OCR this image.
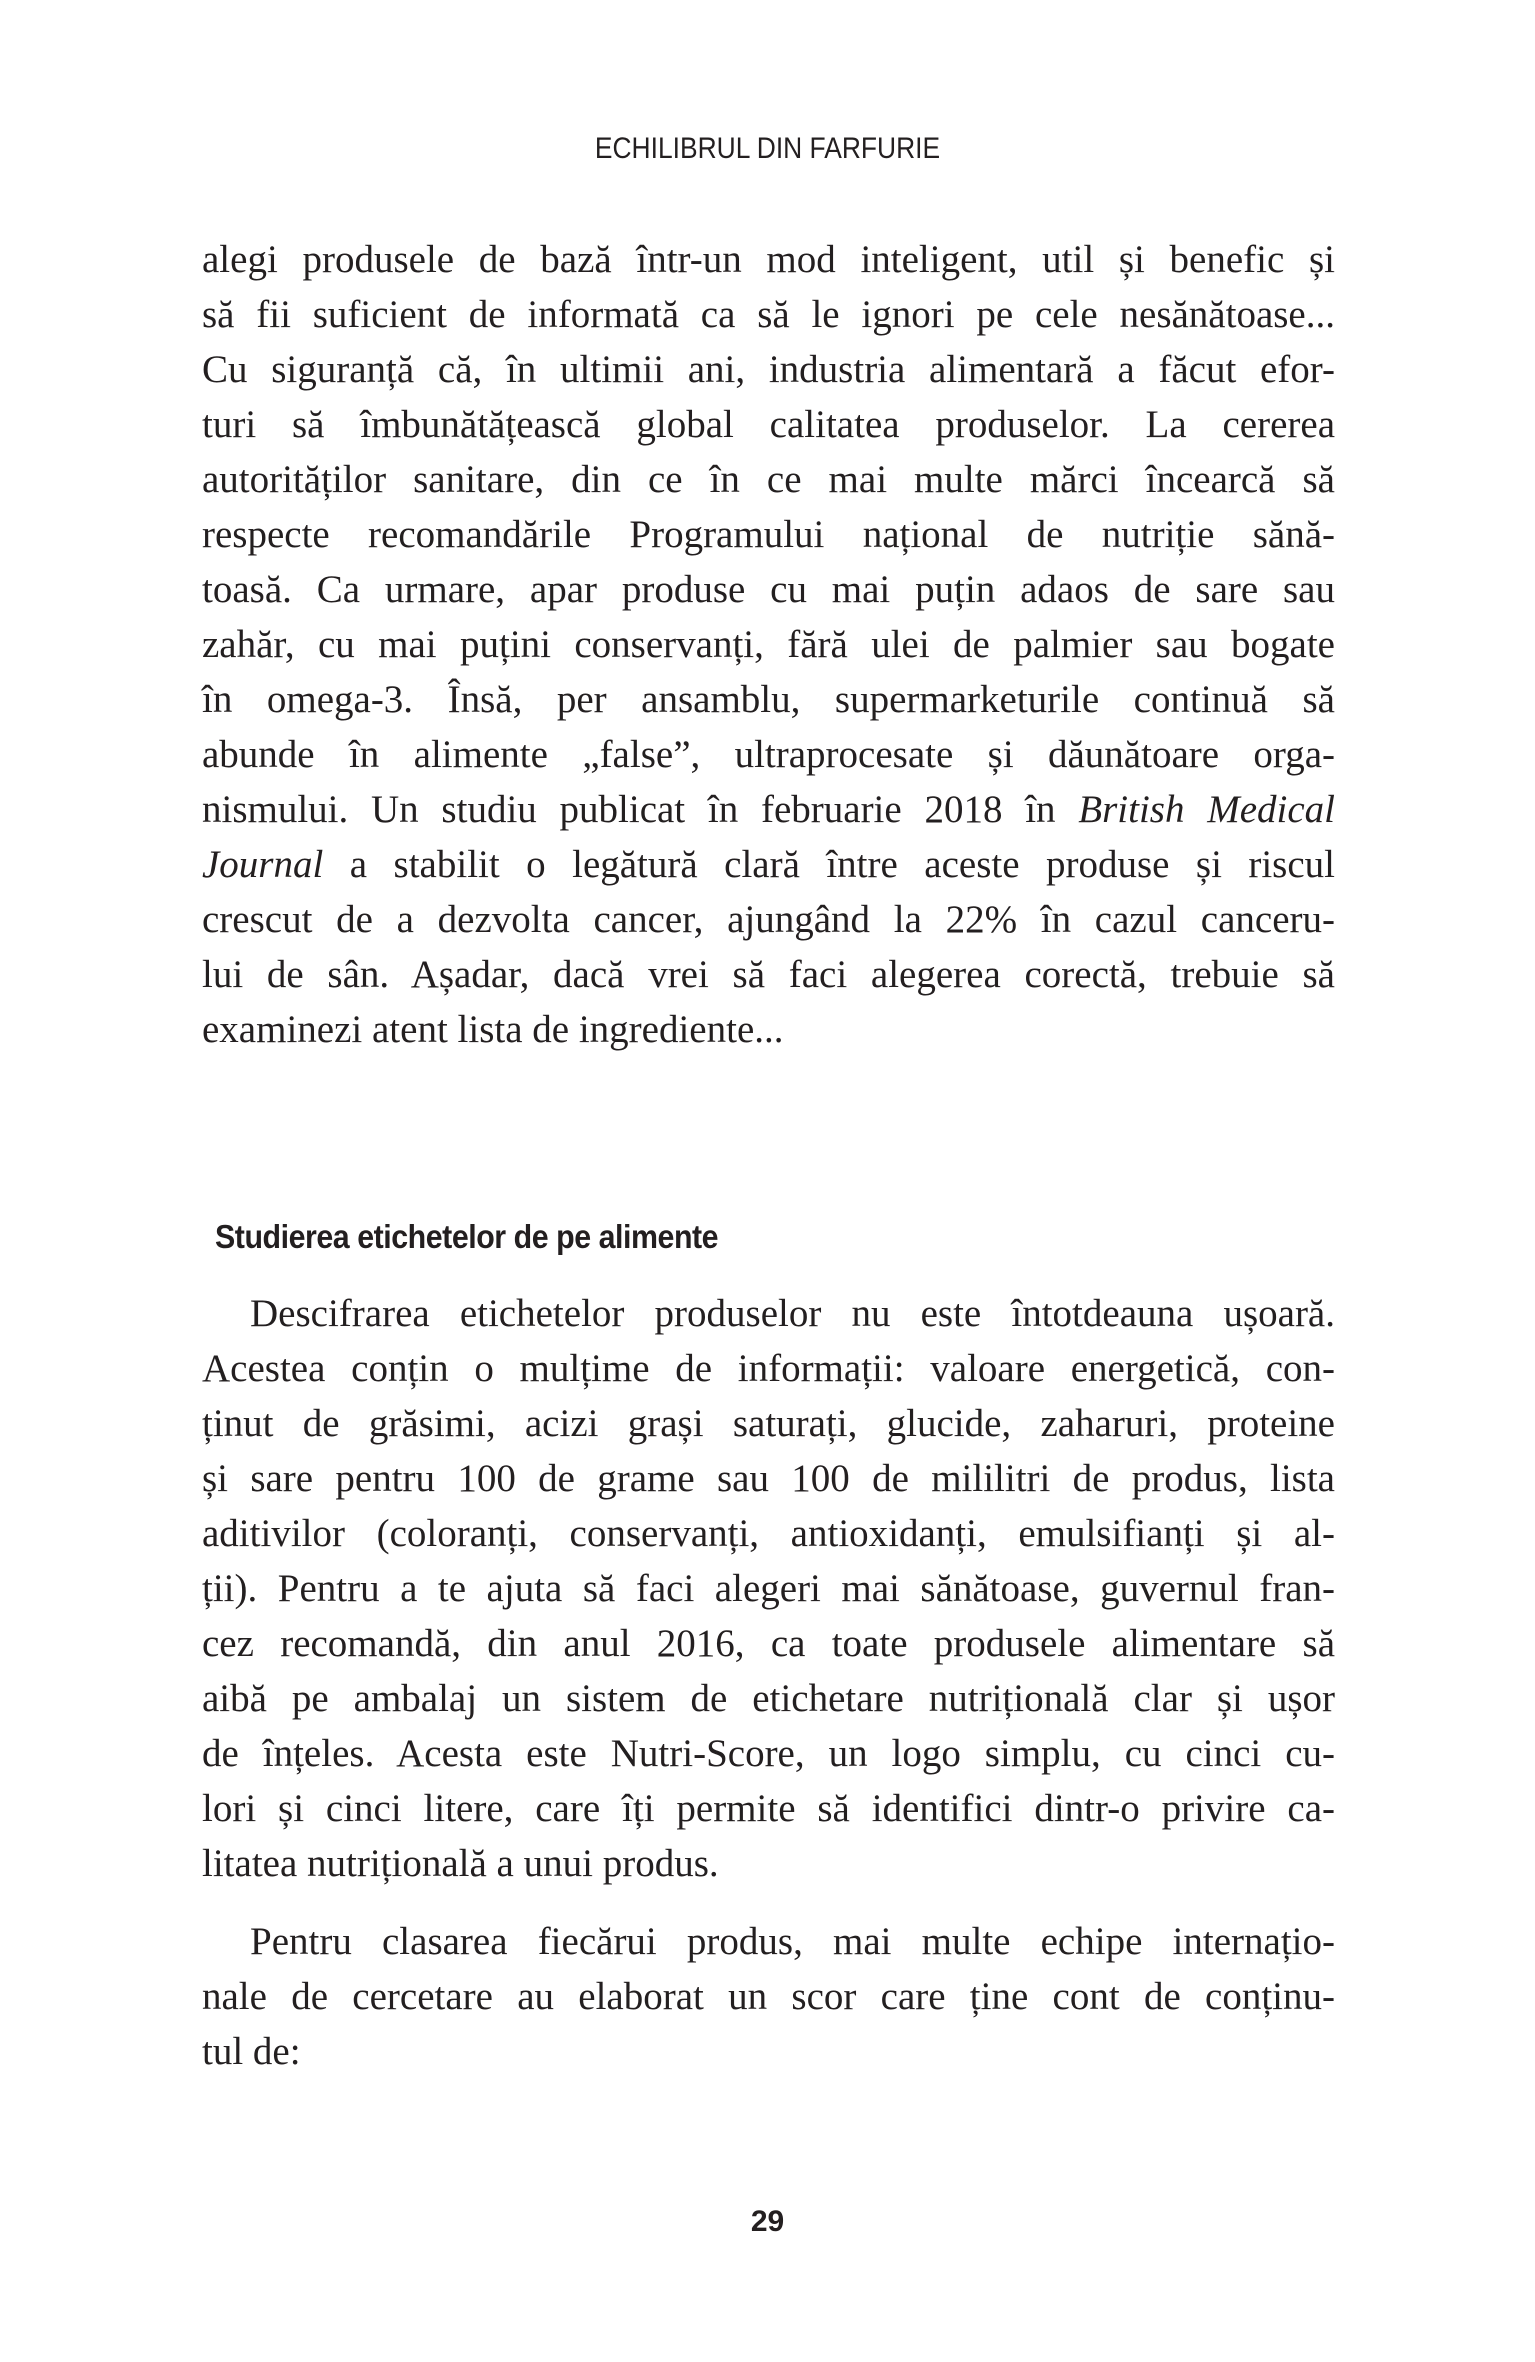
ECHILIBRUL DIN FARFURIE
alegi produsele de bază într-un mod inteligent, util și benefic și
să fii suficient de informată ca să le ignori pe cele nesănătoase...
Cu siguranță că, în ultimii ani, industria alimentară a făcut efor-
turi să îmbunătățească global calitatea produselor. La cererea
autorităților sanitare, din ce în ce mai multe mărci încearcă să
respecte recomandările Programului național de nutriție sănă-
toasă. Ca urmare, apar produse cu mai puțin adaos de sare sau
zahăr, cu mai puțini conservanți, fără ulei de palmier sau bogate
în omega-3. Însă, per ansamblu, supermarketurile continuă să
abunde în alimente „false”, ultraprocesate și dăunătoare orga-
nismului. Un studiu publicat în februarie 2018 în British Medical
Journal a stabilit o legătură clară între aceste produse și riscul
crescut de a dezvolta cancer, ajungând la 22% în cazul canceru-
lui de sân. Așadar, dacă vrei să faci alegerea corectă, trebuie să
examinezi atent lista de ingrediente...
Studierea etichetelor de pe alimente
Descifrarea etichetelor produselor nu este întotdeauna ușoară.
Acestea conțin o mulțime de informații: valoare energetică, con-
ținut de grăsimi, acizi grași saturați, glucide, zaharuri, proteine
și sare pentru 100 de grame sau 100 de mililitri de produs, lista
aditivilor (coloranți, conservanți, antioxidanți, emulsifianți și al-
ții). Pentru a te ajuta să faci alegeri mai sănătoase, guvernul fran-
cez recomandă, din anul 2016, ca toate produsele alimentare să
aibă pe ambalaj un sistem de etichetare nutrițională clar și ușor
de înțeles. Acesta este Nutri-Score, un logo simplu, cu cinci cu-
lori și cinci litere, care îți permite să identifici dintr-o privire ca-
litatea nutrițională a unui produs.
Pentru clasarea fiecărui produs, mai multe echipe internațio-
nale de cercetare au elaborat un scor care ține cont de conținu-
tul de:
29
